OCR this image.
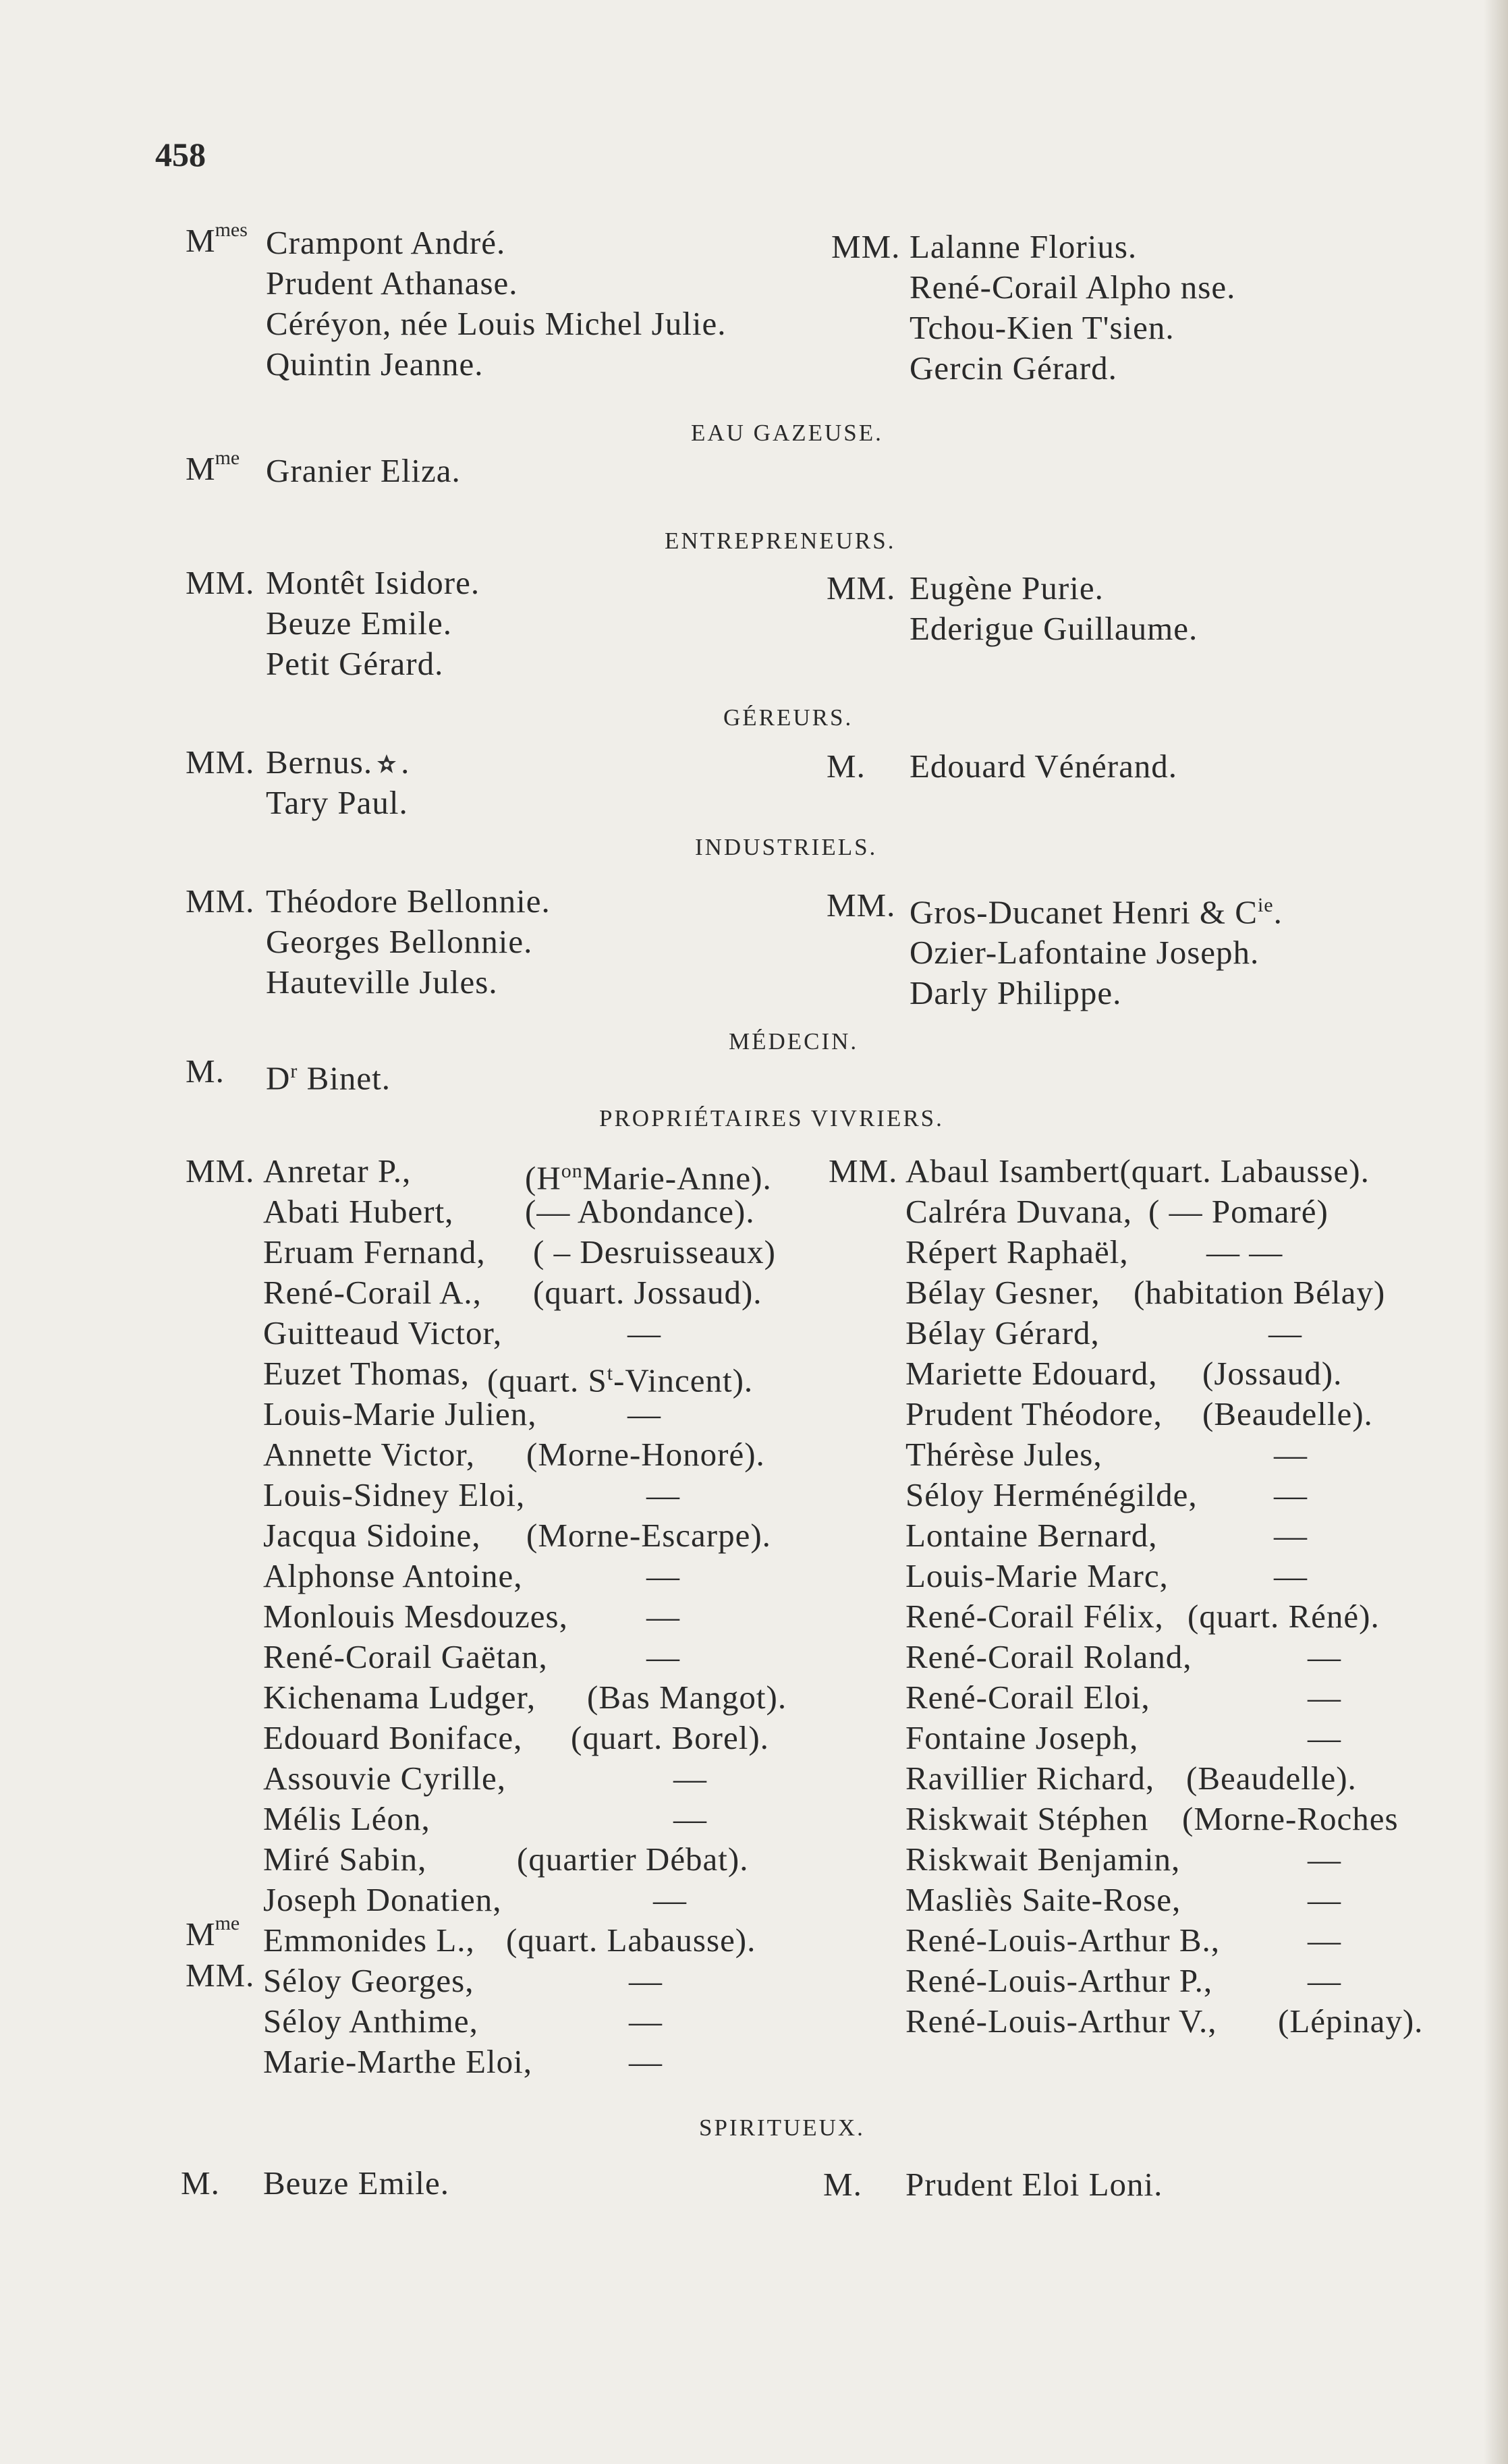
458
$M^{mes}$ Crampont André.
Prudent Athanase.
Céréyon, née Louis Michel Julie.
Quintin Jeanne.
MM. Lalanne Florius.
René-Corail Alpho nse.
Tchou-Kien T'sien.
Gercin Gérard.
EAU GAZEUSE.
$M^{me}$ Granier Eliza.
ENTREPRENEURS.
MM. Montêt Isidore.
Beuze Emile.
Petit Gérard.
MM. Eugène Purie.
Ederigue Guillaume.
GÉREURS.
MM. Bernus. .
Tary Paul.
M. Edouard Vénérand.
INDUSTRIELS.
MM. Théodore Bellonnie.
Georges Bellonnie.
Hauteville Jules.
MM. Gros-Ducanet Henri & $C^{ie}$.
Ozier-Lafontaine Joseph.
Darly Philippe.
MÉDECIN.
M. $D^r$ Binet.
PROPRIÉTAIRES VIVRIERS.
MM.
$M^{me}$
MM.
Anretar P.,	$(H^{on}Marie-Anne)$.
Abati Hubert,	(— Abondance).
Eruam Fernand,	( – Desruisseaux)
René-Corail A.,	(quart. Jossaud).
Guitteaud Victor,	—
Euzet Thomas, (quart. $S^t-Vincent$).
Louis-Marie Julien,	—
Annette Victor,	(Morne-Honoré).
Louis-Sidney Eloi,	—
Jacqua Sidoine,	(Morne-Escarpe).
Alphonse Antoine,	—
Monlouis Mesdouzes,	—
René-Corail Gaëtan,	—
Kichenama Ludger,	(Bas Mangot).
Edouard Boniface,	(quart. Borel).
Assouvie Cyrille,	—
Mélis Léon,	—
Miré Sabin,	(quartier Débat).
Joseph Donatien,	—
Emmonides L., (quart. Labausse).
Séloy Georges,	—
Séloy Anthime,	—
Marie-Marthe Eloi,	—
MM. Abaul Isambert (quart. Labausse).
Calréra Duvana, ( — Pomaré)
Répert Raphaël,	— —
Bélay Gesner,	(habitation Bélay)
Bélay Gérard,	—
Mariette Edouard,	(Jossaud).
Prudent Théodore,	(Beaudelle).
Thérèse Jules,	—
Séloy Herménégilde,	—
Lontaine Bernard,	—
Louis-Marie Marc,	—
René-Corail Félix, (quart. Réné).
René-Corail Roland,	—
René-Corail Eloi,	—
Fontaine Joseph,	—
Ravillier Richard, (Beaudelle).
Riskwait Stéphen	(Morne-Roches
Riskwait Benjamin,	—
Masliès Saite-Rose,	—
René-Louis-Arthur B.,	—
René-Louis-Arthur P.,	—
René-Louis-Arthur V.,	(Lépinay).
SPIRITUEUX.
M. Beuze Emile.	M. Prudent Eloi Loni.
